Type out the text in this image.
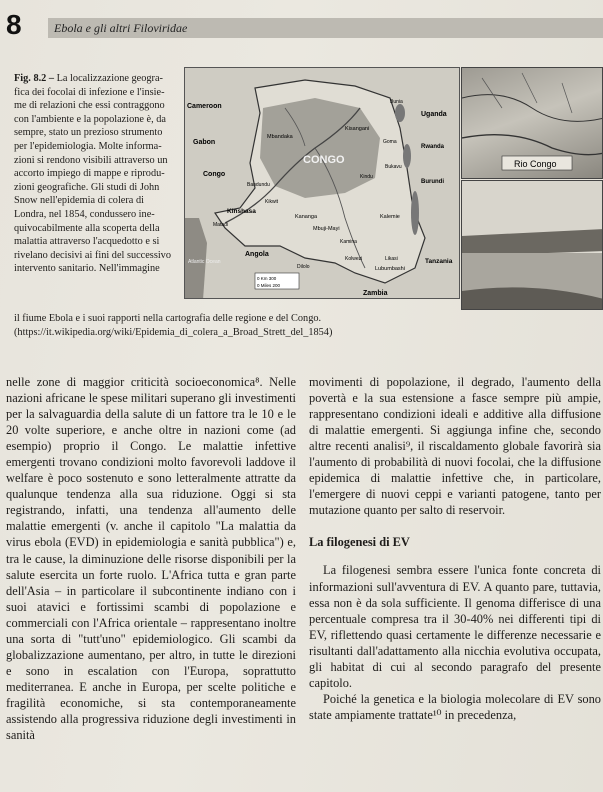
8	Ebola e gli altri Filoviridae
Fig. 8.2 – La localizzazione geogra-
fica dei focolai di infezione e l'insie-
me di relazioni che essi contraggono
con l'ambiente e la popolazione è, da
sempre, stato un prezioso strumento
per l'epidemiologia. Molte informa-
zioni si rendono visibili attraverso un
accorto impiego di mappe e riprodu-
zioni geografiche. Gli studi di John
Snow nell'epidemia di colera di
Londra, nel 1854, condussero ine-
quivocabilmente alla scoperta della
malattia attraverso l'acquedotto e si
rivelano decisivi ai fini del successivo
intervento sanitario. Nell'immagine
il fiume Ebola e i suoi rapporti nella cartografia delle regione e del Congo.
(https://it.wikipedia.org/wiki/Epidemia_di_colera_a_Broad_Strett_del_1854)
0 Km 300
0 Miles 200
Cameroon
Gabon
Congo
Uganda
Rwanda
Burundi
Angola
Tanzania
Zambia
Kinshasa
Kisangani
Mbandaka
Kananga
Mbuji-Mayi
Kalemie
Lubumbashi
Likasi
Kolwezi
Matadi
Bukavu
Goma
Bunia
Kindu
Kamina
Bandundu
Dilolo
Kikwit
Atlantic Ocean
CONGO	Rio Congo

nelle zone di maggior criticità socioeconomica⁸. Nelle nazioni africane le spese militari superano gli investimenti per la salvaguardia della salute di un fattore tra le 10 e le 20 volte superiore, e anche oltre in nazioni come (ad esempio) proprio il Congo. Le malattie infettive emergenti trovano condizioni molto favorevoli laddove il welfare è poco sostenuto e sono letteralmente attratte da qualunque tendenza alla sua riduzione. Oggi si sta registrando, infatti, una tendenza all'aumento delle malattie emergenti (v. anche il capitolo "La malattia da virus ebola (EVD) in epidemiologia e sanità pubblica") e, tra le cause, la diminuzione delle risorse disponibili per la salute esercita un forte ruolo. L'Africa tutta e gran parte dell'Asia – in particolare il subcontinente indiano con i suoi atavici e fortissimi scambi di popolazione e commerciali con l'Africa orientale – rappresentano inoltre una sorta di "tutt'uno" epidemiologico. Gli scambi da globalizzazione aumentano, per altro, in tutte le direzioni e sono in escalation con l'Europa, soprattutto mediterranea. E anche in Europa, per scelte politiche e fragilità economiche, si sta contemporaneamente assistendo alla progressiva riduzione degli investimenti in sanità

movimenti di popolazione, il degrado, l'aumento della povertà e la sua estensione a fasce sempre più ampie, rappresentano condizioni ideali e additive alla diffusione di malattie emergenti. Si aggiunga infine che, secondo altre recenti analisi⁹, il riscaldamento globale favorirà sia l'aumento di probabilità di nuovi focolai, che la diffusione epidemica di malattie infettive che, in particolare, l'emergere di nuovi ceppi e varianti patogene, tanto per mutazione quanto per salto di reservoir.

La filogenesi di EV

La filogenesi sembra essere l'unica fonte concreta di informazioni sull'avventura di EV. A quanto pare, tuttavia, essa non è da sola sufficiente. Il genoma differisce di una percentuale compresa tra il 30-40% nei differenti tipi di EV, riflettendo quasi certamente le differenze necessarie e risultanti dall'adattamento alla nicchia evolutiva occupata, gli habitat di cui al secondo paragrafo del presente capitolo.

Poiché la genetica e la biologia molecolare di EV sono state ampiamente trattate¹⁰ in precedenza,
